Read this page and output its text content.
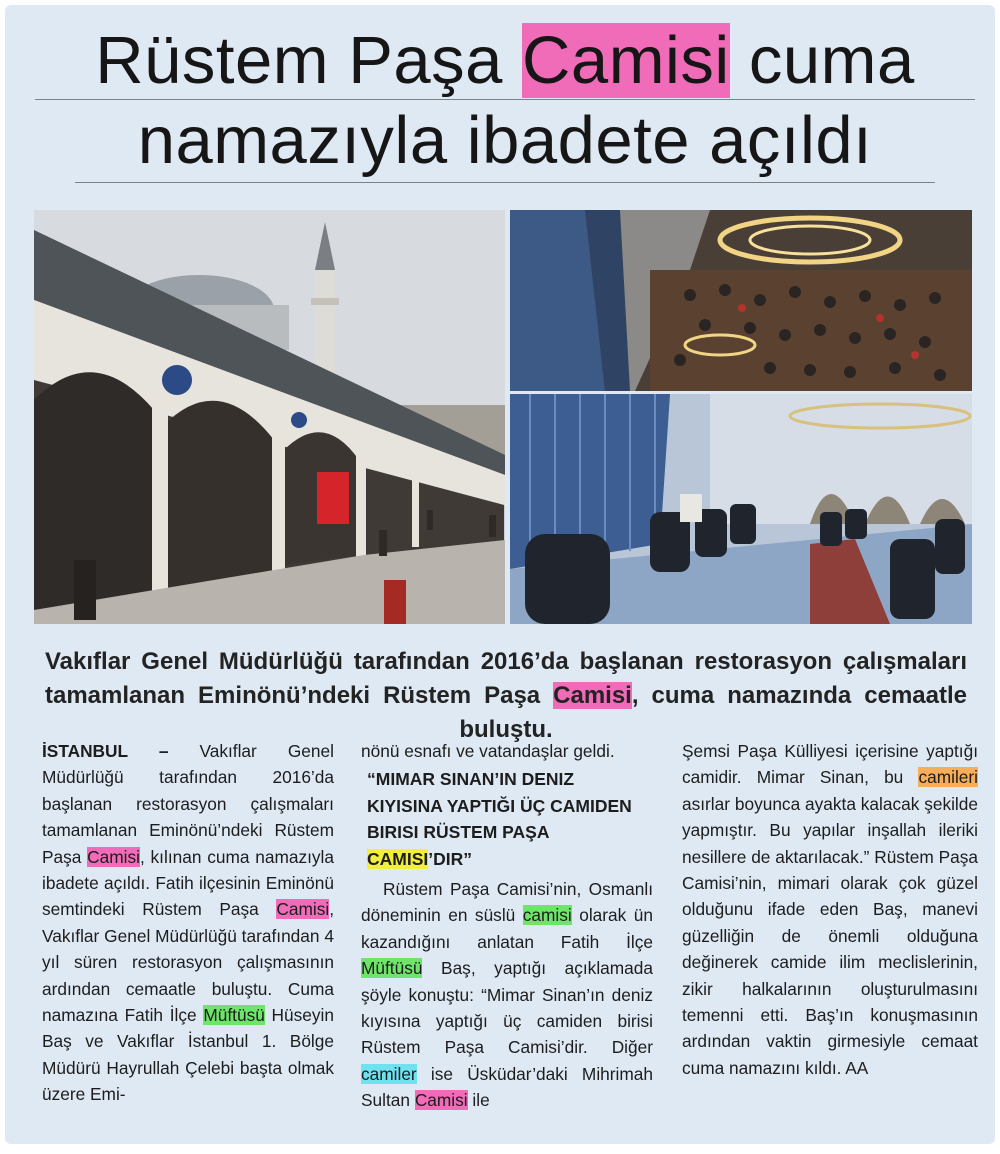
Rüstem Paşa Camisi cuma
namazıyla ibadete açıldı
Vakıflar Genel Müdürlüğü tarafından 2016’da başlanan restorasyon çalışmaları tamamlanan Eminönü’ndeki Rüstem Paşa Camisi, cuma namazında cemaatle buluştu.

İSTANBUL – Vakıflar Genel Müdürlüğü tarafından 2016’da başlanan restorasyon çalışmaları tamamlanan Eminönü’ndeki Rüstem Paşa Camisi, kılınan cuma namazıyla ibadete açıldı. Fatih ilçesinin Eminönü semtindeki Rüstem Paşa Camisi, Vakıflar Genel Müdürlüğü tarafından 4 yıl süren restorasyon çalışmasının ardından cemaatle buluştu. Cuma namazına Fatih İlçe Müftüsü Hüseyin Baş ve Vakıflar İstanbul 1. Bölge Müdürü Hayrullah Çelebi başta olmak üzere Emi-

nönü esnafı ve vatandaşlar geldi.

“MIMAR SINAN’IN DENIZ KIYISINA YAPTIĞI ÜÇ CAMIDEN BIRISI RÜSTEM PAŞA CAMISI’DIR”

Rüstem Paşa Camisi’nin, Osmanlı döneminin en süslü camisi olarak ün kazandığını anlatan Fatih İlçe Müftüsü Baş, yaptığı açıklamada şöyle konuştu: “Mimar Sinan’ın deniz kıyısına yaptığı üç camiden birisi Rüstem Paşa Camisi’dir. Diğer camiler ise Üsküdar’daki Mihrimah Sultan Camisi ile

Şemsi Paşa Külliyesi içerisine yaptığı camidir. Mimar Sinan, bu camileri asırlar boyunca ayakta kalacak şekilde yapmıştır. Bu yapılar inşallah ileriki nesillere de aktarılacak.” Rüstem Paşa Camisi’nin, mimari olarak çok güzel olduğunu ifade eden Baş, manevi güzelliğin de önemli olduğuna değinerek camide ilim meclislerinin, zikir halkalarının oluşturulmasını temenni etti. Baş’ın konuşmasının ardından vaktin girmesiyle cemaat cuma namazını kıldı. AA
